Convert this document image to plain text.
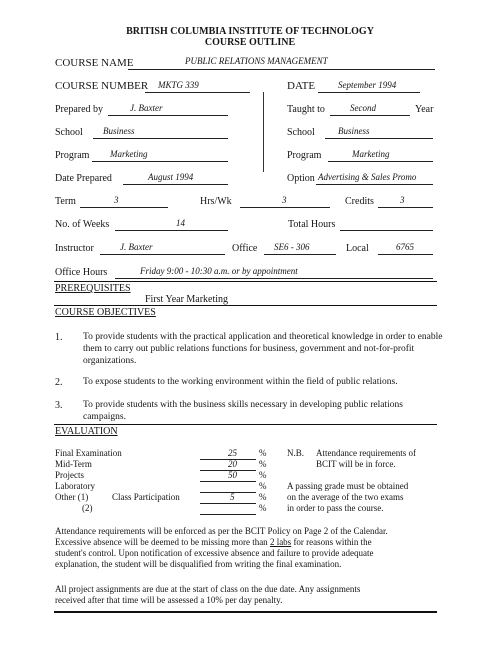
BRITISH COLUMBIA INSTITUTE OF TECHNOLOGY
COURSE OUTLINE
COURSE NAME	PUBLIC RELATIONS MANAGEMENT
COURSE NUMBER MKTG 339	DATE	September 1994
Prepared by	J. Baxter	Taught to	Second	Year
School Business	School	Business
Program Marketing	Program	Marketing
Date Prepared	August 1994	Option Advertising & Sales Promo
Term	3	Hrs/Wk	3	Credits	3
No. of Weeks	14	Total Hours
Instructor	J. Baxter	Office SE6 - 306	Local	6765
Office Hours	Friday 9:00 - 10:30 a.m. or by appointment
PREREQUISITES
First Year Marketing
COURSE OBJECTIVES
1. To provide students with the practical application and theoretical knowledge in order to enable them to carry out public relations functions for business, government and not-for-profit organizations.
2. To expose students to the working environment within the field of public relations.
3. To provide students with the business skills necessary in developing public relations campaigns.
EVALUATION
Final Examination	25 %
Mid-Term	20 %
Projects	50 %
Laboratory	%
Other (1)	Class Participation	5	%
(2)	%
N.B. Attendance requirements of
BCIT will be in force.
A passing grade must be obtained
on the average of the two exams
in order to pass the course.
Attendance requirements will be enforced as per the BCIT Policy on Page 2 of the Calendar.
Excessive absence will be deemed to be missing more than 2 labs for reasons within the
student's control. Upon notification of excessive absence and failure to provide adequate
explanation, the student will be disqualified from writing the final examination.
All project assignments are due at the start of class on the due date. Any assignments
received after that time will be assessed a 10% per day penalty.
